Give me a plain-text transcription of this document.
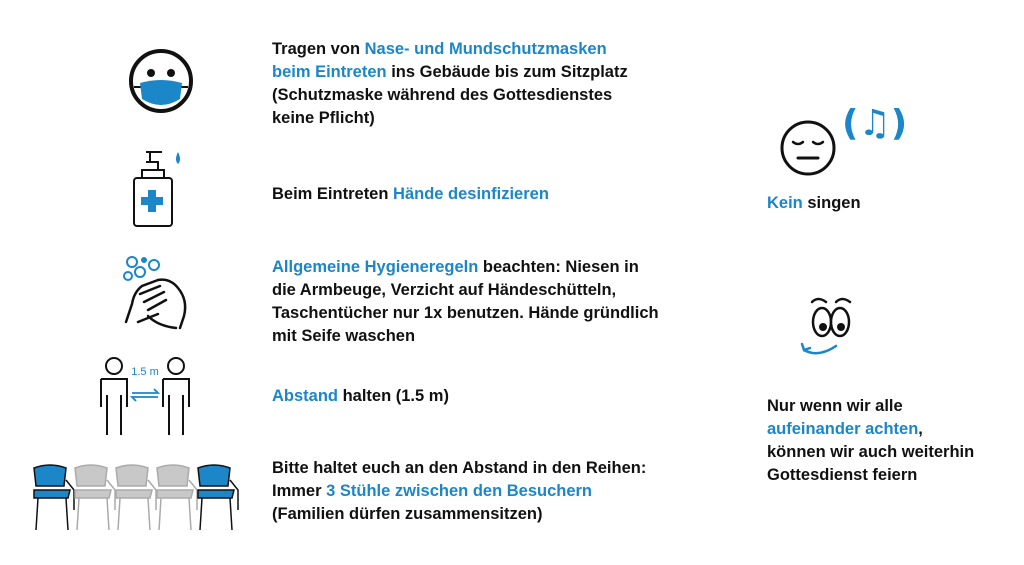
1.5 m
Tragen von Nase- und Mundschutzmasken
beim Eintreten ins Gebäude bis zum Sitzplatz
(Schutzmaske während des Gottesdienstes
keine Pflicht)
Beim Eintreten Hände desinfizieren
Allgemeine Hygieneregeln beachten: Niesen in
die Armbeuge, Verzicht auf Händeschütteln,
Taschentücher nur 1x benutzen. Hände gründlich
mit Seife waschen
Abstand halten (1.5 m)
Bitte haltet euch an den Abstand in den Reihen:
Immer 3 Stühle zwischen den Besuchern
(Familien dürfen zusammensitzen)
(♫)
Kein singen
Nur wenn wir alle
aufeinander achten,
können wir auch weiterhin
Gottesdienst feiern
